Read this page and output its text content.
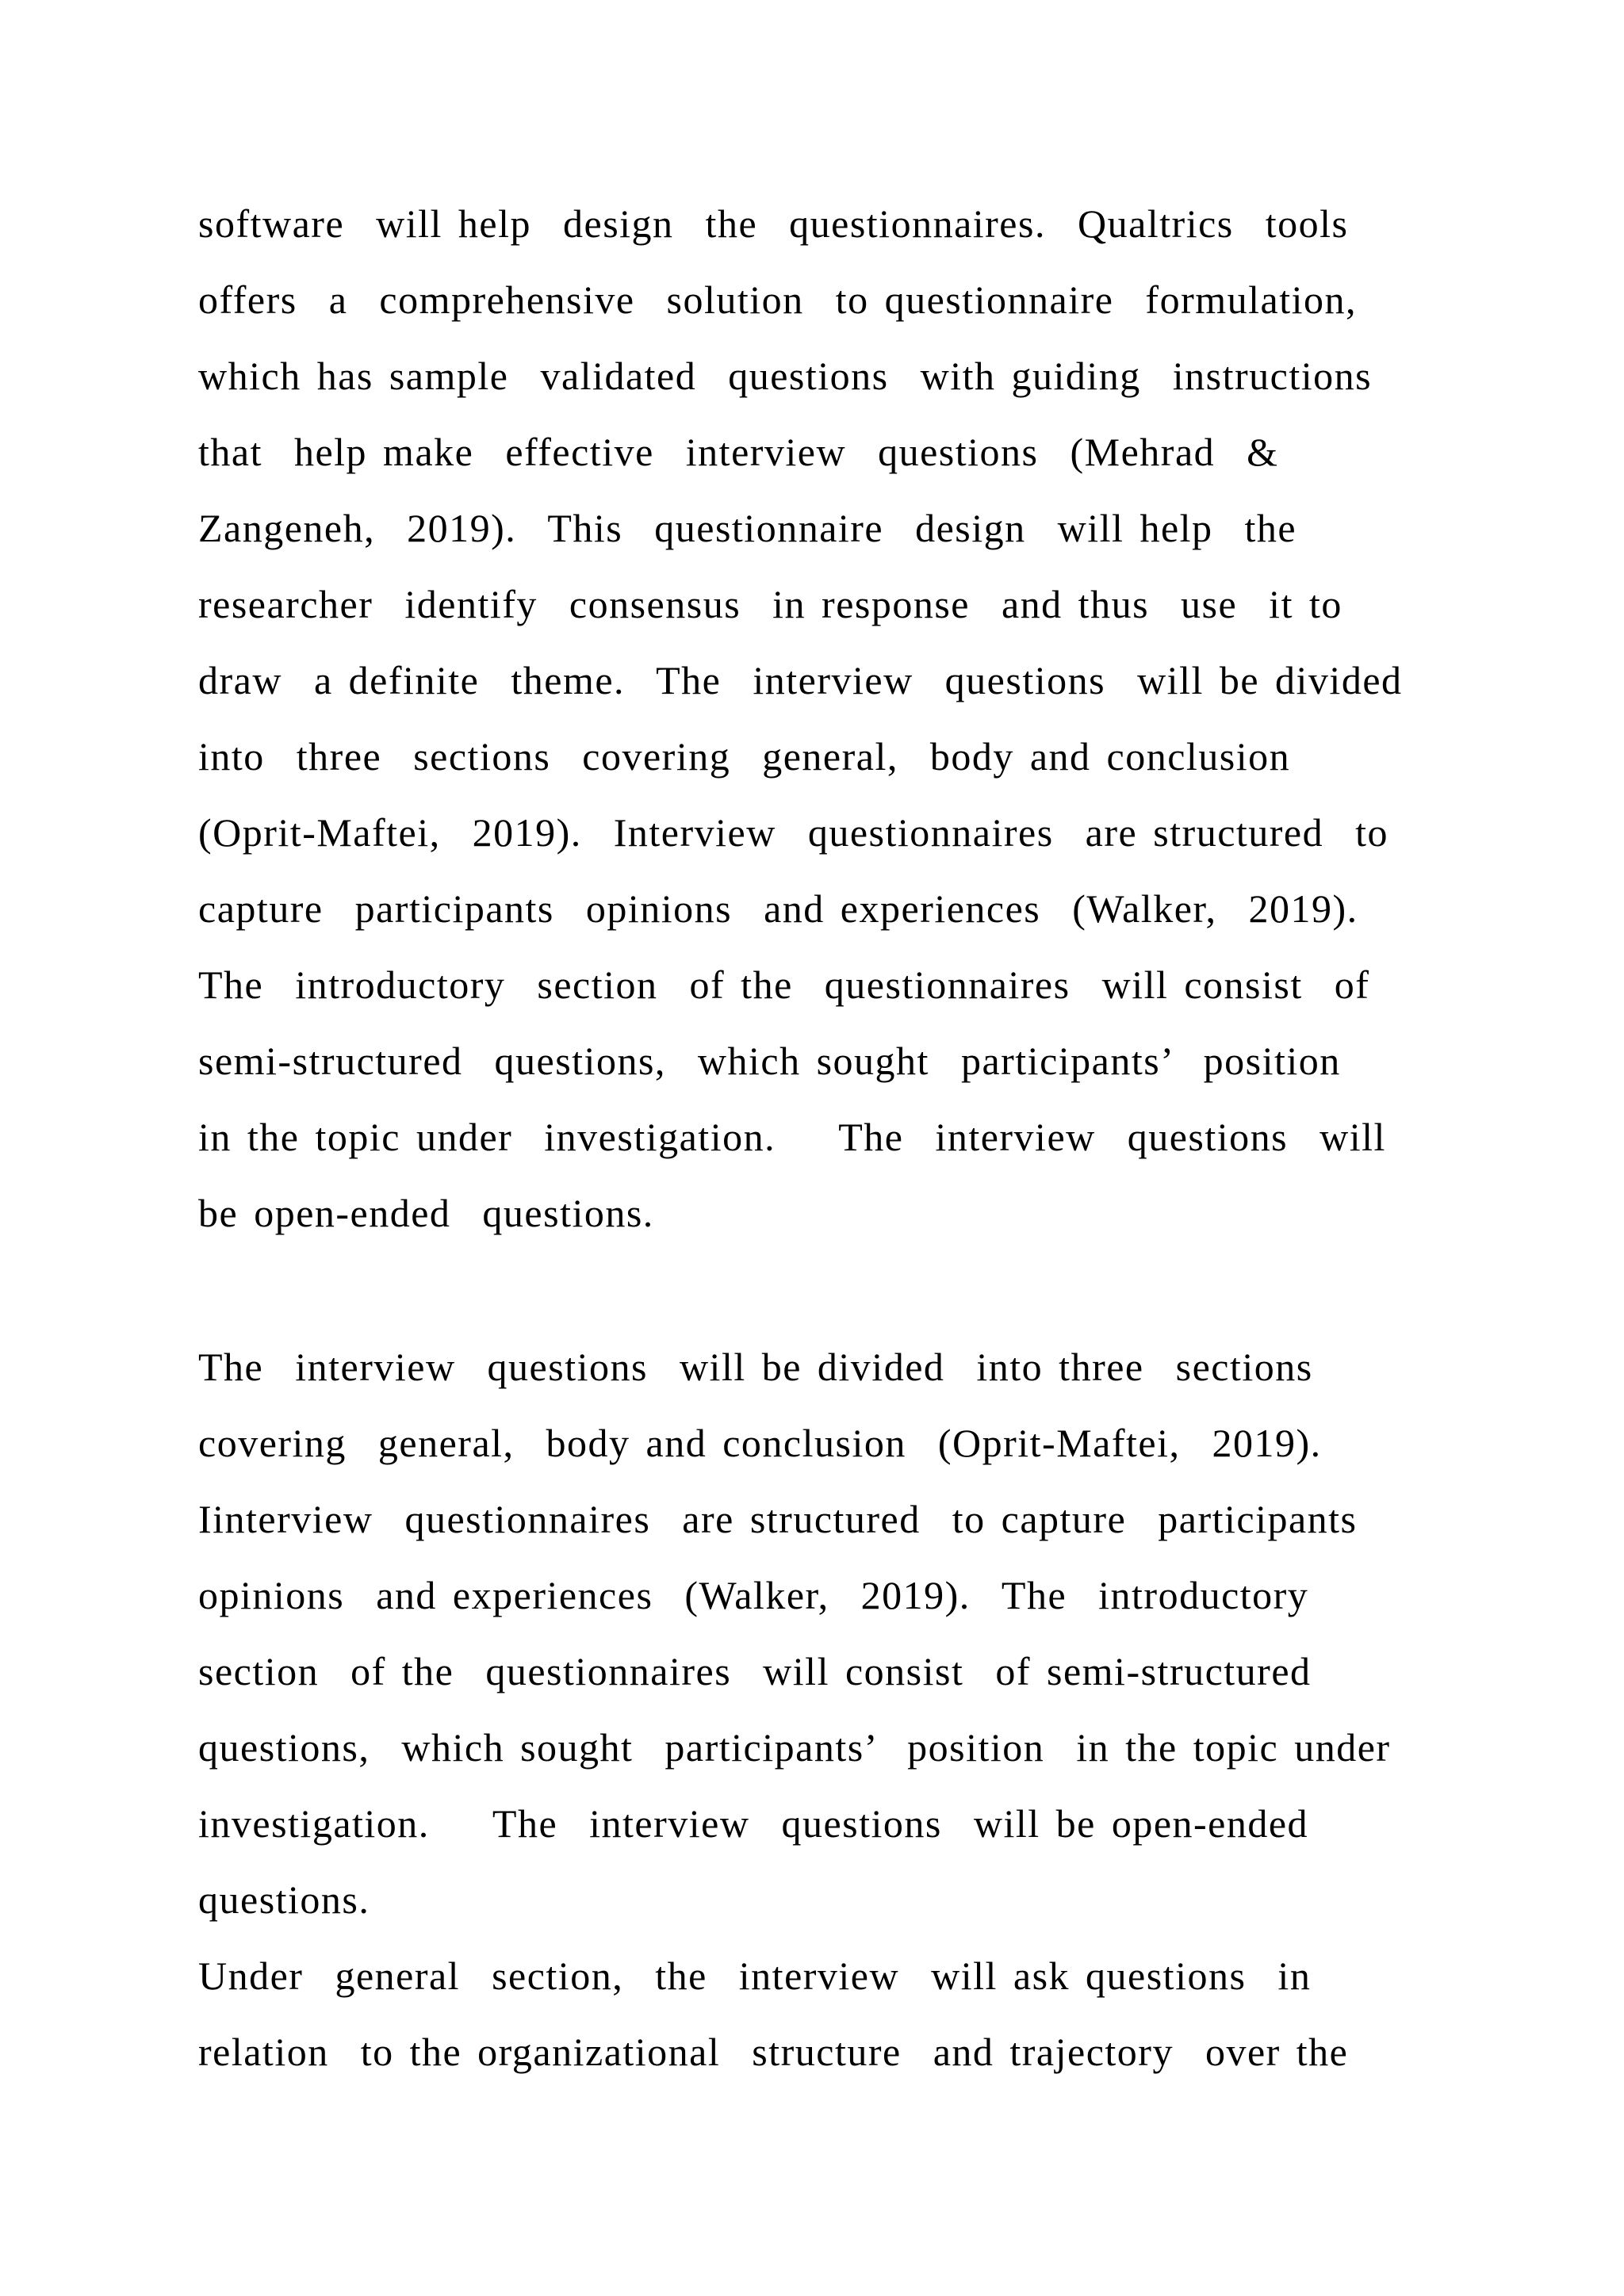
software  will help  design  the  questionnaires.  Qualtrics  tools

offers  a  comprehensive  solution  to questionnaire  formulation,

which has sample  validated  questions  with guiding  instructions

that  help make  effective  interview  questions  (Mehrad  &

Zangeneh,  2019).  This  questionnaire  design  will help  the

researcher  identify  consensus  in response  and thus  use  it to

draw  a definite  theme.  The  interview  questions  will be divided

into  three  sections  covering  general,  body and conclusion

(Oprit-Maftei,  2019).  Interview  questionnaires  are structured  to

capture  participants  opinions  and experiences  (Walker,  2019).

The  introductory  section  of the  questionnaires  will consist  of

semi-structured  questions,  which sought  participants’  position

in the topic under  investigation.    The  interview  questions  will

be open-ended  questions.

The  interview  questions  will be divided  into three  sections

covering  general,  body and conclusion  (Oprit-Maftei,  2019).

Iinterview  questionnaires  are structured  to capture  participants

opinions  and experiences  (Walker,  2019).  The  introductory

section  of the  questionnaires  will consist  of semi-structured

questions,  which sought  participants’  position  in the topic under

investigation.    The  interview  questions  will be open-ended

questions.

Under  general  section,  the  interview  will ask questions  in

relation  to the organizational  structure  and trajectory  over the
